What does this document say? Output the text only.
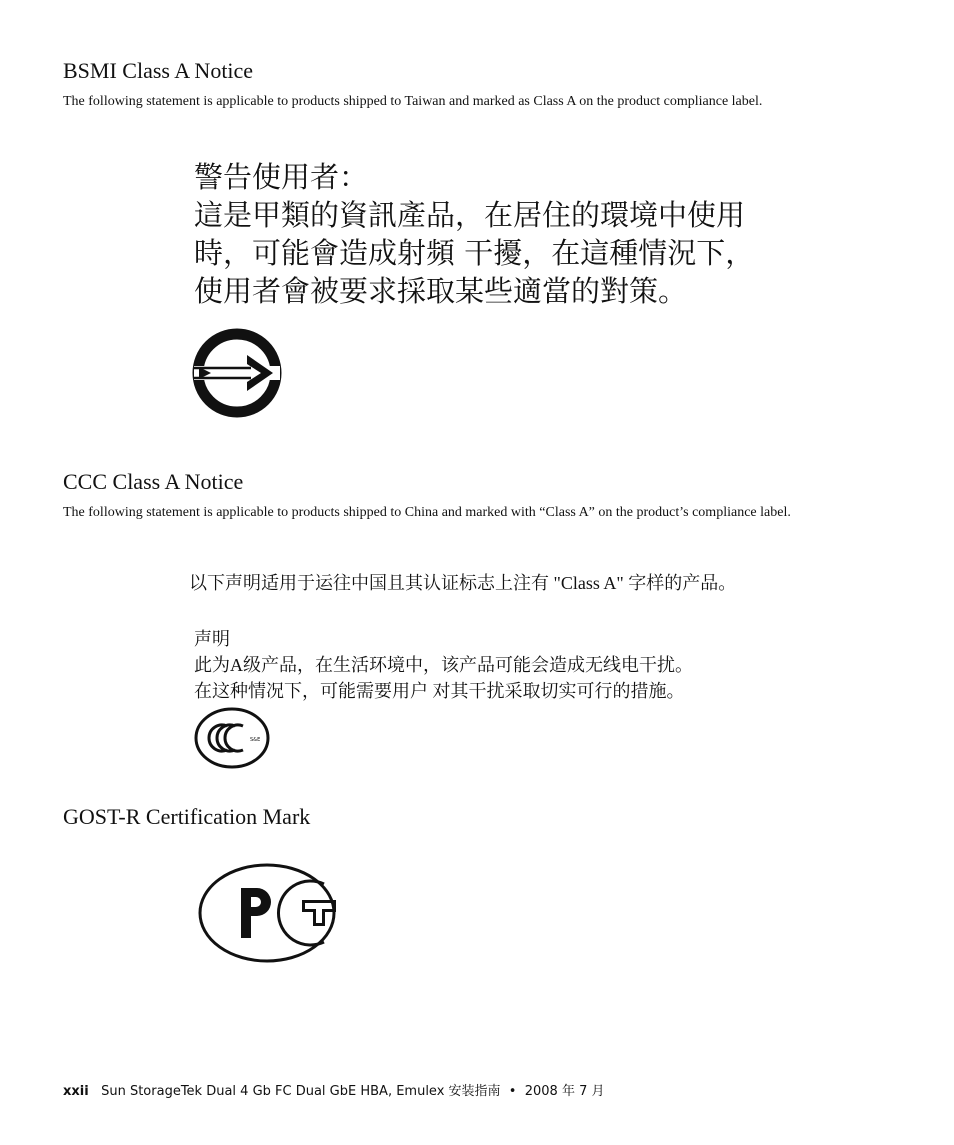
BSMI Class A Notice
The following statement is applicable to products shipped to Taiwan and marked as Class A on the product compliance label.
警告使用者：
這是甲類的資訊產品，在居住的環境中使用
時，可能會造成射頻 干擾，在這種情況下，
使用者會被要求採取某些適當的對策。
CCC Class A Notice
The following statement is applicable to products shipped to China and marked with “Class A” on the product’s compliance label.
以下声明适用于运往中国且其认证标志上注有 "Class A" 字样的产品。
声明
此为A级产品，在生活环境中，该产品可能会造成无线电干扰。
在这种情况下，可能需要用户 对其干扰采取切实可行的措施。
S&E
GOST-R Certification Mark
xxii Sun StorageTek Dual 4 Gb FC Dual GbE HBA, Emulex 安装指南 • 2008 年 7 月
